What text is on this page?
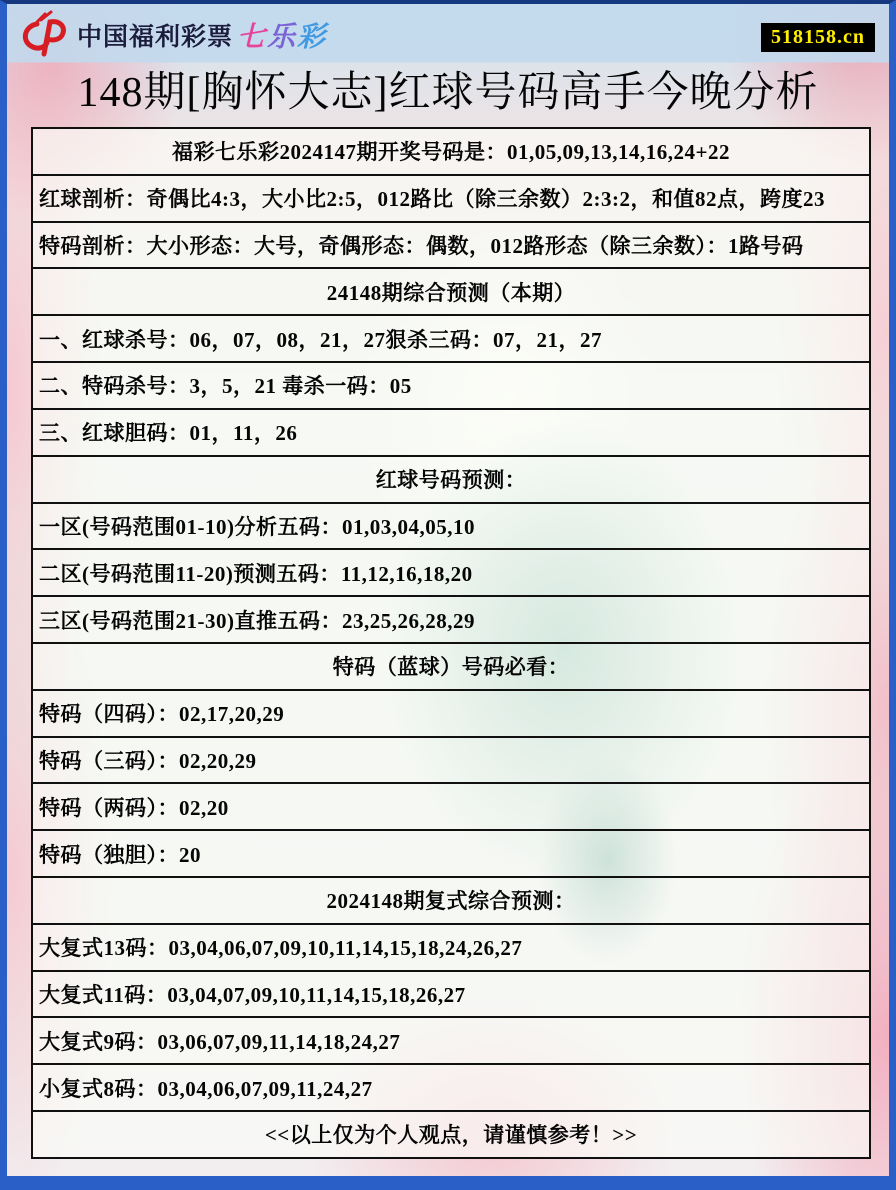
中国福利彩票 七乐彩	518158.cn
148期[胸怀大志]红球号码高手今晚分析
福彩七乐彩2024147期开奖号码是：01,05,09,13,14,16,24+22
红球剖析：奇偶比4:3，大小比2:5，012路比（除三余数）2:3:2，和值82点，跨度23
特码剖析：大小形态：大号，奇偶形态：偶数，012路形态（除三余数）：1路号码
24148期综合预测（本期）
一、红球杀号：06，07，08，21，27狠杀三码：07，21，27
二、特码杀号：3，5，21 毒杀一码：05
三、红球胆码：01，11，26
红球号码预测：
一区(号码范围01-10)分析五码：01,03,04,05,10
二区(号码范围11-20)预测五码：11,12,16,18,20
三区(号码范围21-30)直推五码：23,25,26,28,29
特码（蓝球）号码必看：
特码（四码）：02,17,20,29
特码（三码）：02,20,29
特码（两码）：02,20
特码（独胆）：20
2024148期复式综合预测：
大复式13码：03,04,06,07,09,10,11,14,15,18,24,26,27
大复式11码：03,04,07,09,10,11,14,15,18,26,27
大复式9码：03,06,07,09,11,14,18,24,27
小复式8码：03,04,06,07,09,11,24,27
<<以上仅为个人观点，请谨慎参考！>>
